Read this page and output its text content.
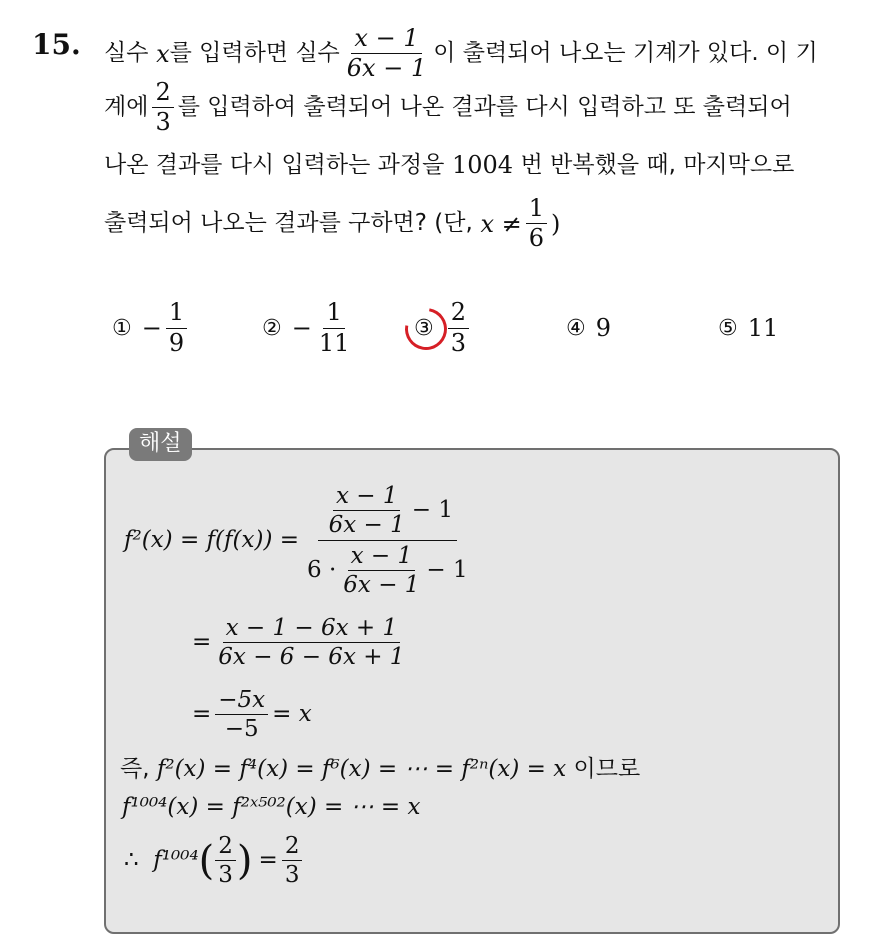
15. 실수
x 를 입력하면 실수 $\frac{x - 1}{6x - 1}$ 이 출력되어 나오는 기계가 있다. 이 기
계에 $\frac{2}{3}$ 를 입력하여 출력되어 나온 결과를 다시 입력하고 또 출력되어
나온 결과를 다시 입력하는 과정을
1004
번 반복했을 때, 마지막으로
출력되어 나오는 결과를 구하면? (단,
$x \ne \frac{1}{6}$ )
① − $\frac{1}{9}$	② − $\frac{1}{11}$	③ $\frac{2}{3}$	④ 9	⑤ 11
해설
$f^2(x) = f(f(x)) = \frac{\frac{x - 1}{6x - 1} - 1}{6 \cdot \frac{x - 1}{6x - 1} - 1}$
= $\frac{x - 1 - 6x + 1}{6x - 6 - 6x + 1}$
= $\frac{-5x}{-5} = x$
즉,
f²(x) = f⁴(x) = f⁶(x) = ⋯ = f²ⁿ(x) = x
이므로
f¹⁰⁰⁴(x) = f²ˣ⁵⁰²(x) = ⋯ = x
∴
f¹⁰⁰⁴ ( $\frac{2}{3}$ ) = $\frac{2}{3}$
